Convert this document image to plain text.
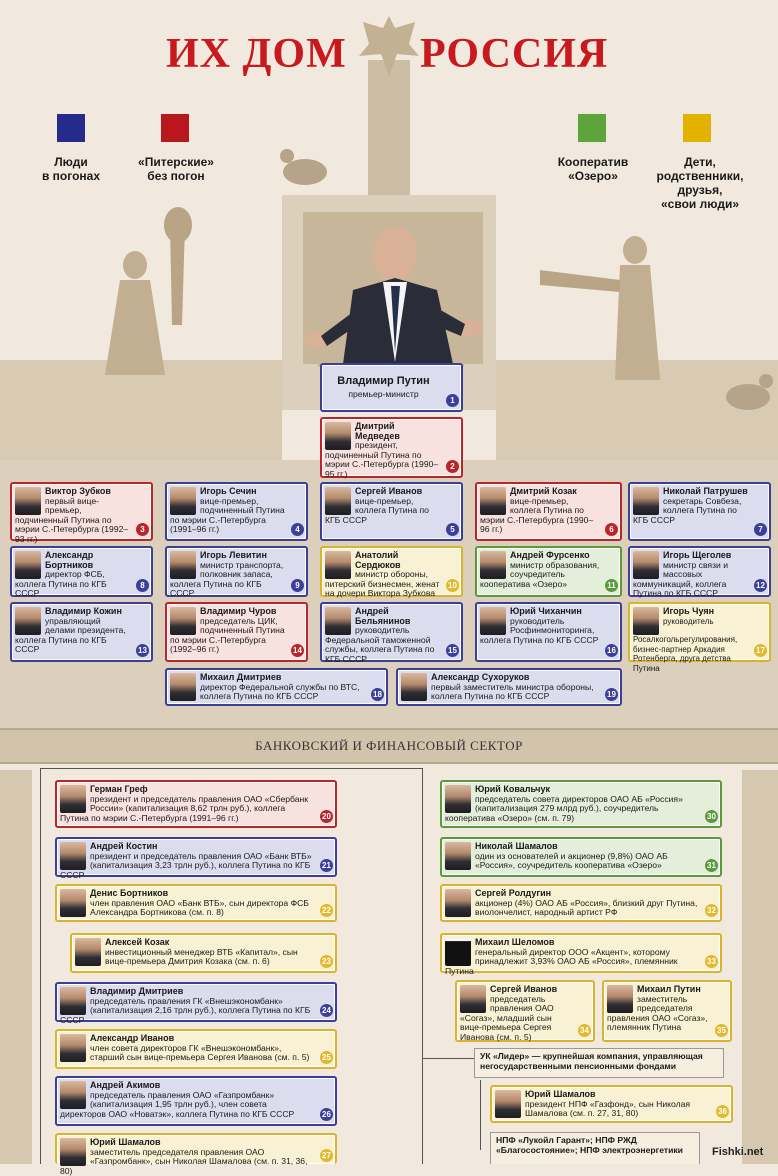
ИХ ДОМ РОССИЯ
Люди
в погонах
«Питерские»
без погон
Кооператив
«Озеро»
Дети,
родственники,
друзья,
«свои люди»
Владимир Путин
премьер-министр
1
Дмитрий Медведев
президент, подчиненный Путина по мэрии С.-Петербурга (1990–95 гг.)
2
Виктор Зубков
первый вице-премьер, подчиненный Путина по мэрии С.-Петербурга (1992–93 гг.)
3
Игорь Сечин
вице-премьер, подчиненный Путина по мэрии С.-Петербурга (1991–96 гг.)	4
Сергей Иванов
вице-премьер, коллега Путина по КГБ СССР
5
Дмитрий Козак
вице-премьер, коллега Путина по мэрии С.-Петербурга (1990–96 гг.)	6
Николай Патрушев
секретарь Совбеза, коллега Путина по КГБ СССР
7
Александр Бортников
директор ФСБ, коллега Путина по КГБ СССР
8
Игорь Левитин
министр транспорта, полковник запаса, коллега Путина по КГБ СССР
9
Анатолий Сердюков
министр обороны, питерский бизнесмен, женат на дочери Виктора Зубкова
10
Андрей Фурсенко
министр образования, соучредитель кооператива «Озеро»	11
Игорь Щеголев
министр связи и массовых коммуникаций, коллега Путина по КГБ СССР
12
Владимир Кожин
управляющий делами президента, коллега Путина по КГБ СССР	13
Владимир Чуров
председатель ЦИК, подчиненный Путина по мэрии С.-Петербурга (1992–96 гг.)	14
Андрей Бельянинов
руководитель Федеральной таможенной службы, коллега Путина по КГБ СССР
15
Юрий Чиханчин
руководитель Росфинмониторинга, коллега Путина по КГБ СССР
16
Игорь Чуян
руководитель Росалкогольрегулирования, бизнес-партнер Аркадия Ротенберга, друга детства Путина
17
Михаил Дмитриев
директор Федеральной службы по ВТС, коллега Путина по КГБ СССР	18
Александр Сухоруков
первый заместитель министра обороны, коллега Путина по КГБ СССР	19
БАНКОВСКИЙ И ФИНАНСОВЫЙ СЕКТОР
Герман Греф
президент и председатель правления ОАО «Сбербанк России» (капитализация 8,62 трлн руб.), коллега Путина по мэрии С.-Петербурга (1991–96 гг.)	20
Андрей Костин
президент и председатель правления ОАО «Банк ВТБ» (капитализация 3,23 трлн руб.), коллега Путина по КГБ СССР
21
Денис Бортников
член правления ОАО «Банк ВТБ», сын директора ФСБ Александра Бортникова (см. п. 8)	22
Алексей Козак
инвестиционный менеджер ВТБ «Капитал», сын вице-премьера Дмитрия Козака (см. п. 6)	23
Владимир Дмитриев
председатель правления ГК «Внешэкономбанк» (капитализация 2,16 трлн руб.), коллега Путина по КГБ СССР
24
Александр Иванов
член совета директоров ГК «Внешэкономбанк», старший сын вице-премьера Сергея Иванова (см. п. 5) 25
Андрей Акимов
председатель правления ОАО «Газпромбанк» (капитализация 1,95 трлн руб.), член совета директоров ОАО «Новатэк», коллега Путина по КГБ СССР	26
Юрий Шамалов
заместитель председателя правления ОАО «Газпромбанк», сын Николая Шамалова (см. п. 31, 36, 80)
27
Юрий Ковальчук
председатель совета директоров ОАО АБ «Россия» (капитализация 279 млрд руб.), соучредитель кооператива «Озеро» (см. п. 79)	30
Николай Шамалов
один из основателей и акционер (9,8%) ОАО АБ «Россия», соучредитель кооператива «Озеро»	31
Сергей Ролдугин
акционер (4%) ОАО АБ «Россия», близкий друг Путина, виолончелист, народный артист РФ	32
Михаил Шеломов
генеральный директор ООО «Акцент», которому принадлежит 3,93% ОАО АБ «Россия», племянник Путина
33
Сергей Иванов
председатель правления ОАО «Согаз», младший сын вице-премьера Сергея Иванова (см. п. 5)
34
Михаил Путин
заместитель председателя правления ОАО «Согаз», племянник Путина	35
УК «Лидер» — крупнейшая компания, управляющая негосударственными пенсионными фондами
Юрий Шамалов
президент НПФ «Газфонд», сын Николая Шамалова (см. п. 27, 31, 80)	36
НПФ «Лукойл Гарант»; НПФ РЖД «Благосостояние»; НПФ электроэнергетики	Fishki.net
